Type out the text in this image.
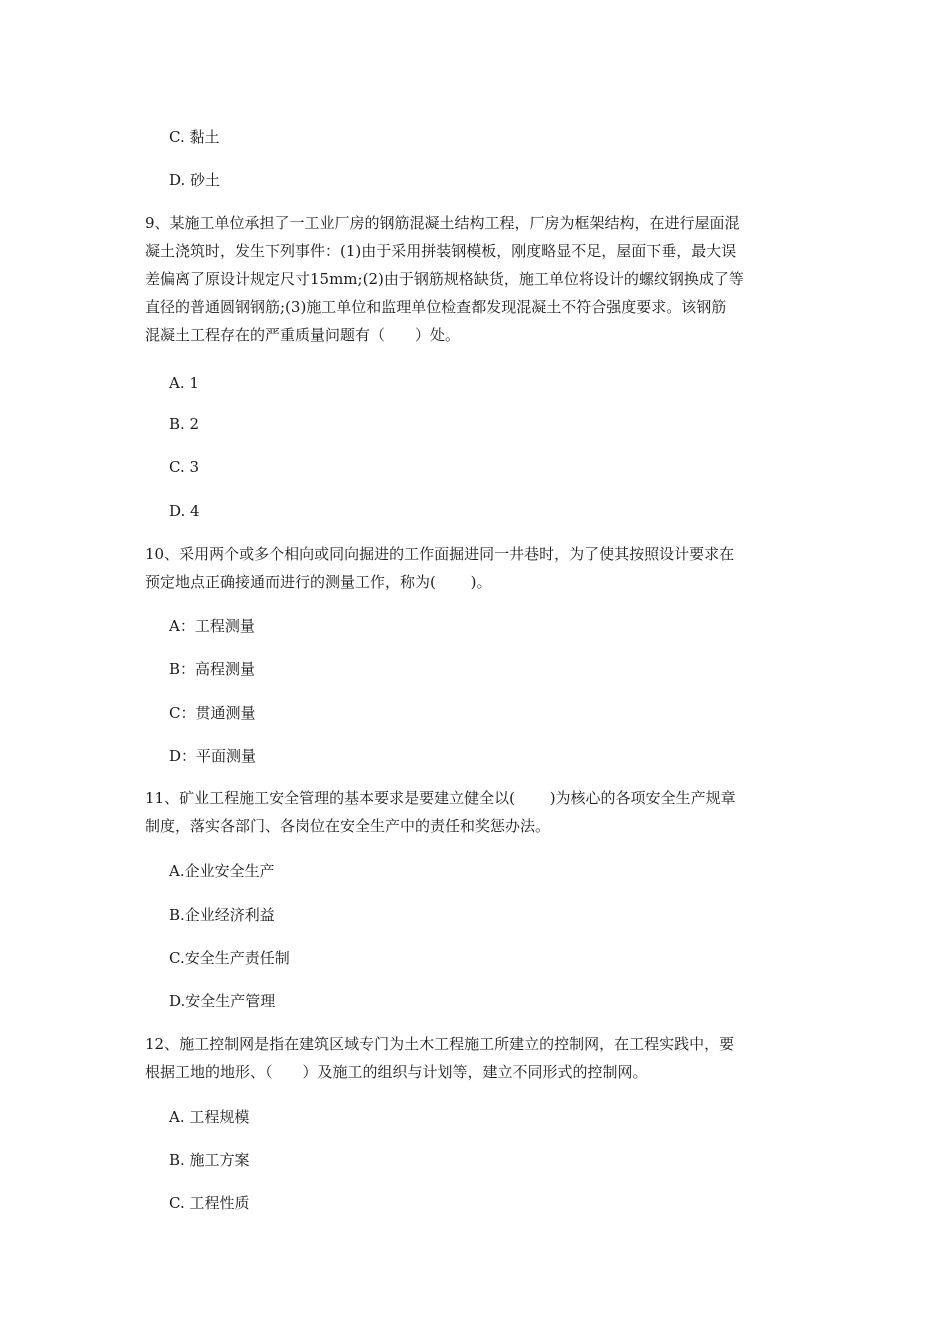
C. 黏土
D. 砂土
9、某施工单位承担了一工业厂房的钢筋混凝土结构工程，厂房为框架结构，在进行屋面混
凝土浇筑时，发生下列事件：(1)由于采用拼装钢模板，刚度略显不足，屋面下垂，最大误
差偏离了原设计规定尺寸15mm;(2)由于钢筋规格缺货，施工单位将设计的螺纹钢换成了等
直径的普通圆钢钢筋;(3)施工单位和监理单位检查都发现混凝土不符合强度要求。该钢筋
混凝土工程存在的严重质量问题有（　　）处。
A. 1
B. 2
C. 3
D. 4
10、采用两个或多个相向或同向掘进的工作面掘进同一井巷时，为了使其按照设计要求在
预定地点正确接通而进行的测量工作，称为(　　 )。
A：工程测量
B：高程测量
C：贯通测量
D：平面测量
11、矿业工程施工安全管理的基本要求是要建立健全以(　　 )为核心的各项安全生产规章
制度，落实各部门、各岗位在安全生产中的责任和奖惩办法。
A.企业安全生产
B.企业经济利益
C.安全生产责任制
D.安全生产管理
12、施工控制网是指在建筑区域专门为土木工程施工所建立的控制网，在工程实践中，要
根据工地的地形、（　　）及施工的组织与计划等，建立不同形式的控制网。
A. 工程规模
B. 施工方案
C. 工程性质
